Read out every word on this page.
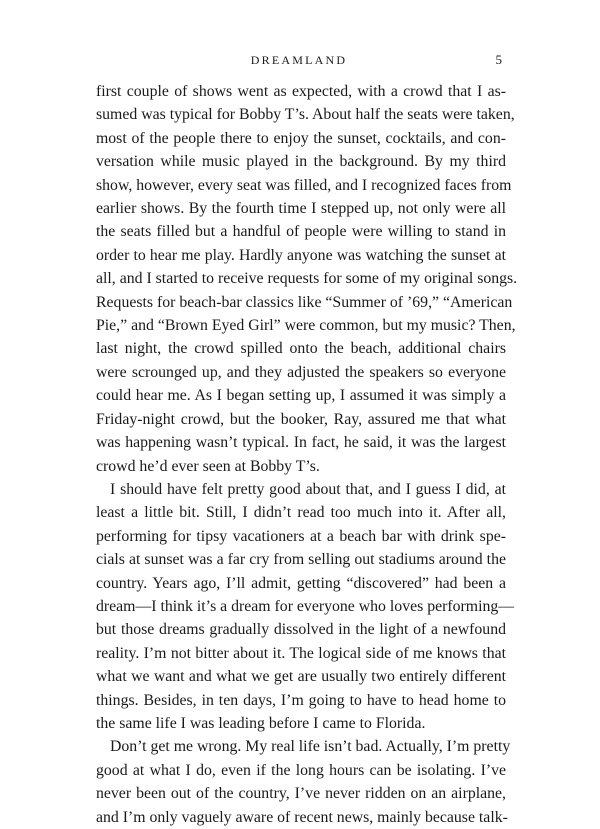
DREAMLAND	5
first couple of shows went as expected, with a crowd that I as-
sumed was typical for Bobby T’s. About half the seats were taken,
most of the people there to enjoy the sunset, cocktails, and con-
versation while music played in the background. By my third
show, however, every seat was filled, and I recognized faces from
earlier shows. By the fourth time I stepped up, not only were all
the seats filled but a handful of people were willing to stand in
order to hear me play. Hardly anyone was watching the sunset at
all, and I started to receive requests for some of my original songs.
Requests for beach-bar classics like “Summer of ’69,” “American
Pie,” and “Brown Eyed Girl” were common, but my music? Then,
last night, the crowd spilled onto the beach, additional chairs
were scrounged up, and they adjusted the speakers so everyone
could hear me. As I began setting up, I assumed it was simply a
Friday-night crowd, but the booker, Ray, assured me that what
was happening wasn’t typical. In fact, he said, it was the largest
crowd he’d ever seen at Bobby T’s.
I should have felt pretty good about that, and I guess I did, at
least a little bit. Still, I didn’t read too much into it. After all,
performing for tipsy vacationers at a beach bar with drink spe-
cials at sunset was a far cry from selling out stadiums around the
country. Years ago, I’ll admit, getting “discovered” had been a
dream—I think it’s a dream for everyone who loves performing—
but those dreams gradually dissolved in the light of a newfound
reality. I’m not bitter about it. The logical side of me knows that
what we want and what we get are usually two entirely different
things. Besides, in ten days, I’m going to have to head home to
the same life I was leading before I came to Florida.
Don’t get me wrong. My real life isn’t bad. Actually, I’m pretty
good at what I do, even if the long hours can be isolating. I’ve
never been out of the country, I’ve never ridden on an airplane,
and I’m only vaguely aware of recent news, mainly because talk-
